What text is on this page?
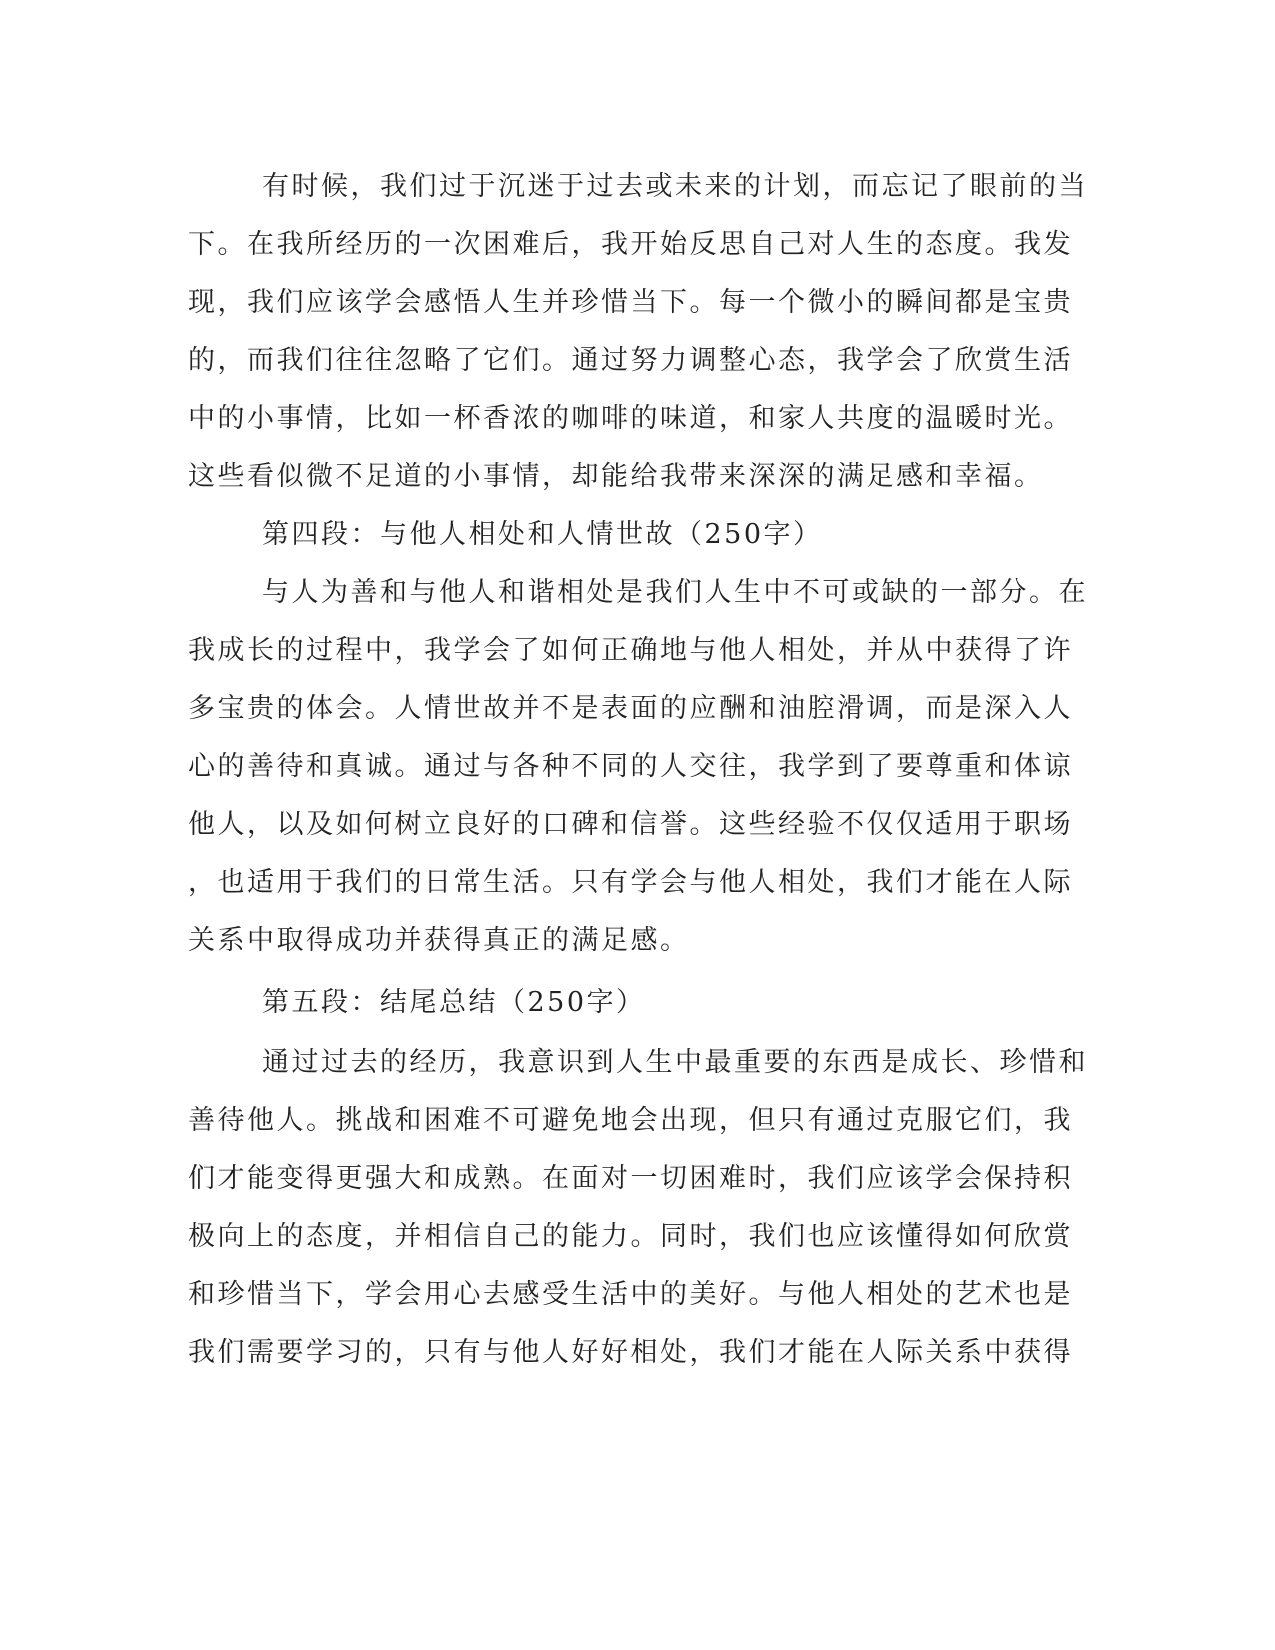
有时候，我们过于沉迷于过去或未来的计划，而忘记了眼前的当

下。在我所经历的一次困难后，我开始反思自己对人生的态度。我发

现，我们应该学会感悟人生并珍惜当下。每一个微小的瞬间都是宝贵

的，而我们往往忽略了它们。通过努力调整心态，我学会了欣赏生活

中的小事情，比如一杯香浓的咖啡的味道，和家人共度的温暖时光。

这些看似微不足道的小事情，却能给我带来深深的满足感和幸福。

第四段：与他人相处和人情世故（250字）

与人为善和与他人和谐相处是我们人生中不可或缺的一部分。在

我成长的过程中，我学会了如何正确地与他人相处，并从中获得了许

多宝贵的体会。人情世故并不是表面的应酬和油腔滑调，而是深入人

心的善待和真诚。通过与各种不同的人交往，我学到了要尊重和体谅

他人，以及如何树立良好的口碑和信誉。这些经验不仅仅适用于职场

，也适用于我们的日常生活。只有学会与他人相处，我们才能在人际

关系中取得成功并获得真正的满足感。

第五段：结尾总结（250字）

通过过去的经历，我意识到人生中最重要的东西是成长、珍惜和

善待他人。挑战和困难不可避免地会出现，但只有通过克服它们，我

们才能变得更强大和成熟。在面对一切困难时，我们应该学会保持积

极向上的态度，并相信自己的能力。同时，我们也应该懂得如何欣赏

和珍惜当下，学会用心去感受生活中的美好。与他人相处的艺术也是

我们需要学习的，只有与他人好好相处，我们才能在人际关系中获得
